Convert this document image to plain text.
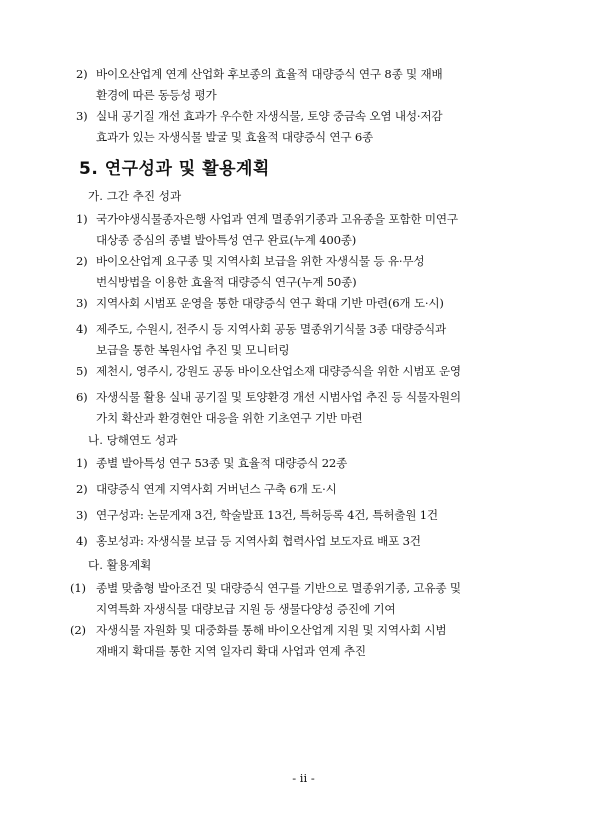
2) 바이오산업계 연계 산업화 후보종의 효율적 대량증식 연구 8종 및 재배
환경에 따른 동등성 평가
3) 실내 공기질 개선 효과가 우수한 자생식물, 토양 중금속 오염 내성·저감
효과가 있는 자생식물 발굴 및 효율적 대량증식 연구 6종
5. 연구성과 및 활용계획
가. 그간 추진 성과
1) 국가야생식물종자은행 사업과 연계 멸종위기종과 고유종을 포함한 미연구
대상종 중심의 종별 발아특성 연구 완료(누계 400종)
2) 바이오산업계 요구종 및 지역사회 보급을 위한 자생식물 등 유·무성
번식방법을 이용한 효율적 대량증식 연구(누계 50종)
3) 지역사회 시범포 운영을 통한 대량증식 연구 확대 기반 마련(6개 도·시)
4) 제주도, 수원시, 전주시 등 지역사회 공동 멸종위기식물 3종 대량증식과
보급을 통한 복원사업 추진 및 모니터링
5) 제천시, 영주시, 강원도 공동 바이오산업소재 대량증식을 위한 시범포 운영
6) 자생식물 활용 실내 공기질 및 토양환경 개선 시범사업 추진 등 식물자원의
가치 확산과 환경현안 대응을 위한 기초연구 기반 마련
나. 당해연도 성과
1) 종별 발아특성 연구 53종 및 효율적 대량증식 22종
2) 대량증식 연계 지역사회 거버넌스 구축 6개 도·시
3) 연구성과: 논문게재 3건, 학술발표 13건, 특허등록 4건, 특허출원 1건
4) 홍보성과: 자생식물 보급 등 지역사회 협력사업 보도자료 배포 3건
다. 활용계획
(1) 종별 맞춤형 발아조건 및 대량증식 연구를 기반으로 멸종위기종, 고유종 및
지역특화 자생식물 대량보급 지원 등 생물다양성 증진에 기여
(2) 자생식물 자원화 및 대중화를 통해 바이오산업계 지원 및 지역사회 시범
재배지 확대를 통한 지역 일자리 확대 사업과 연계 추진
- ii -
